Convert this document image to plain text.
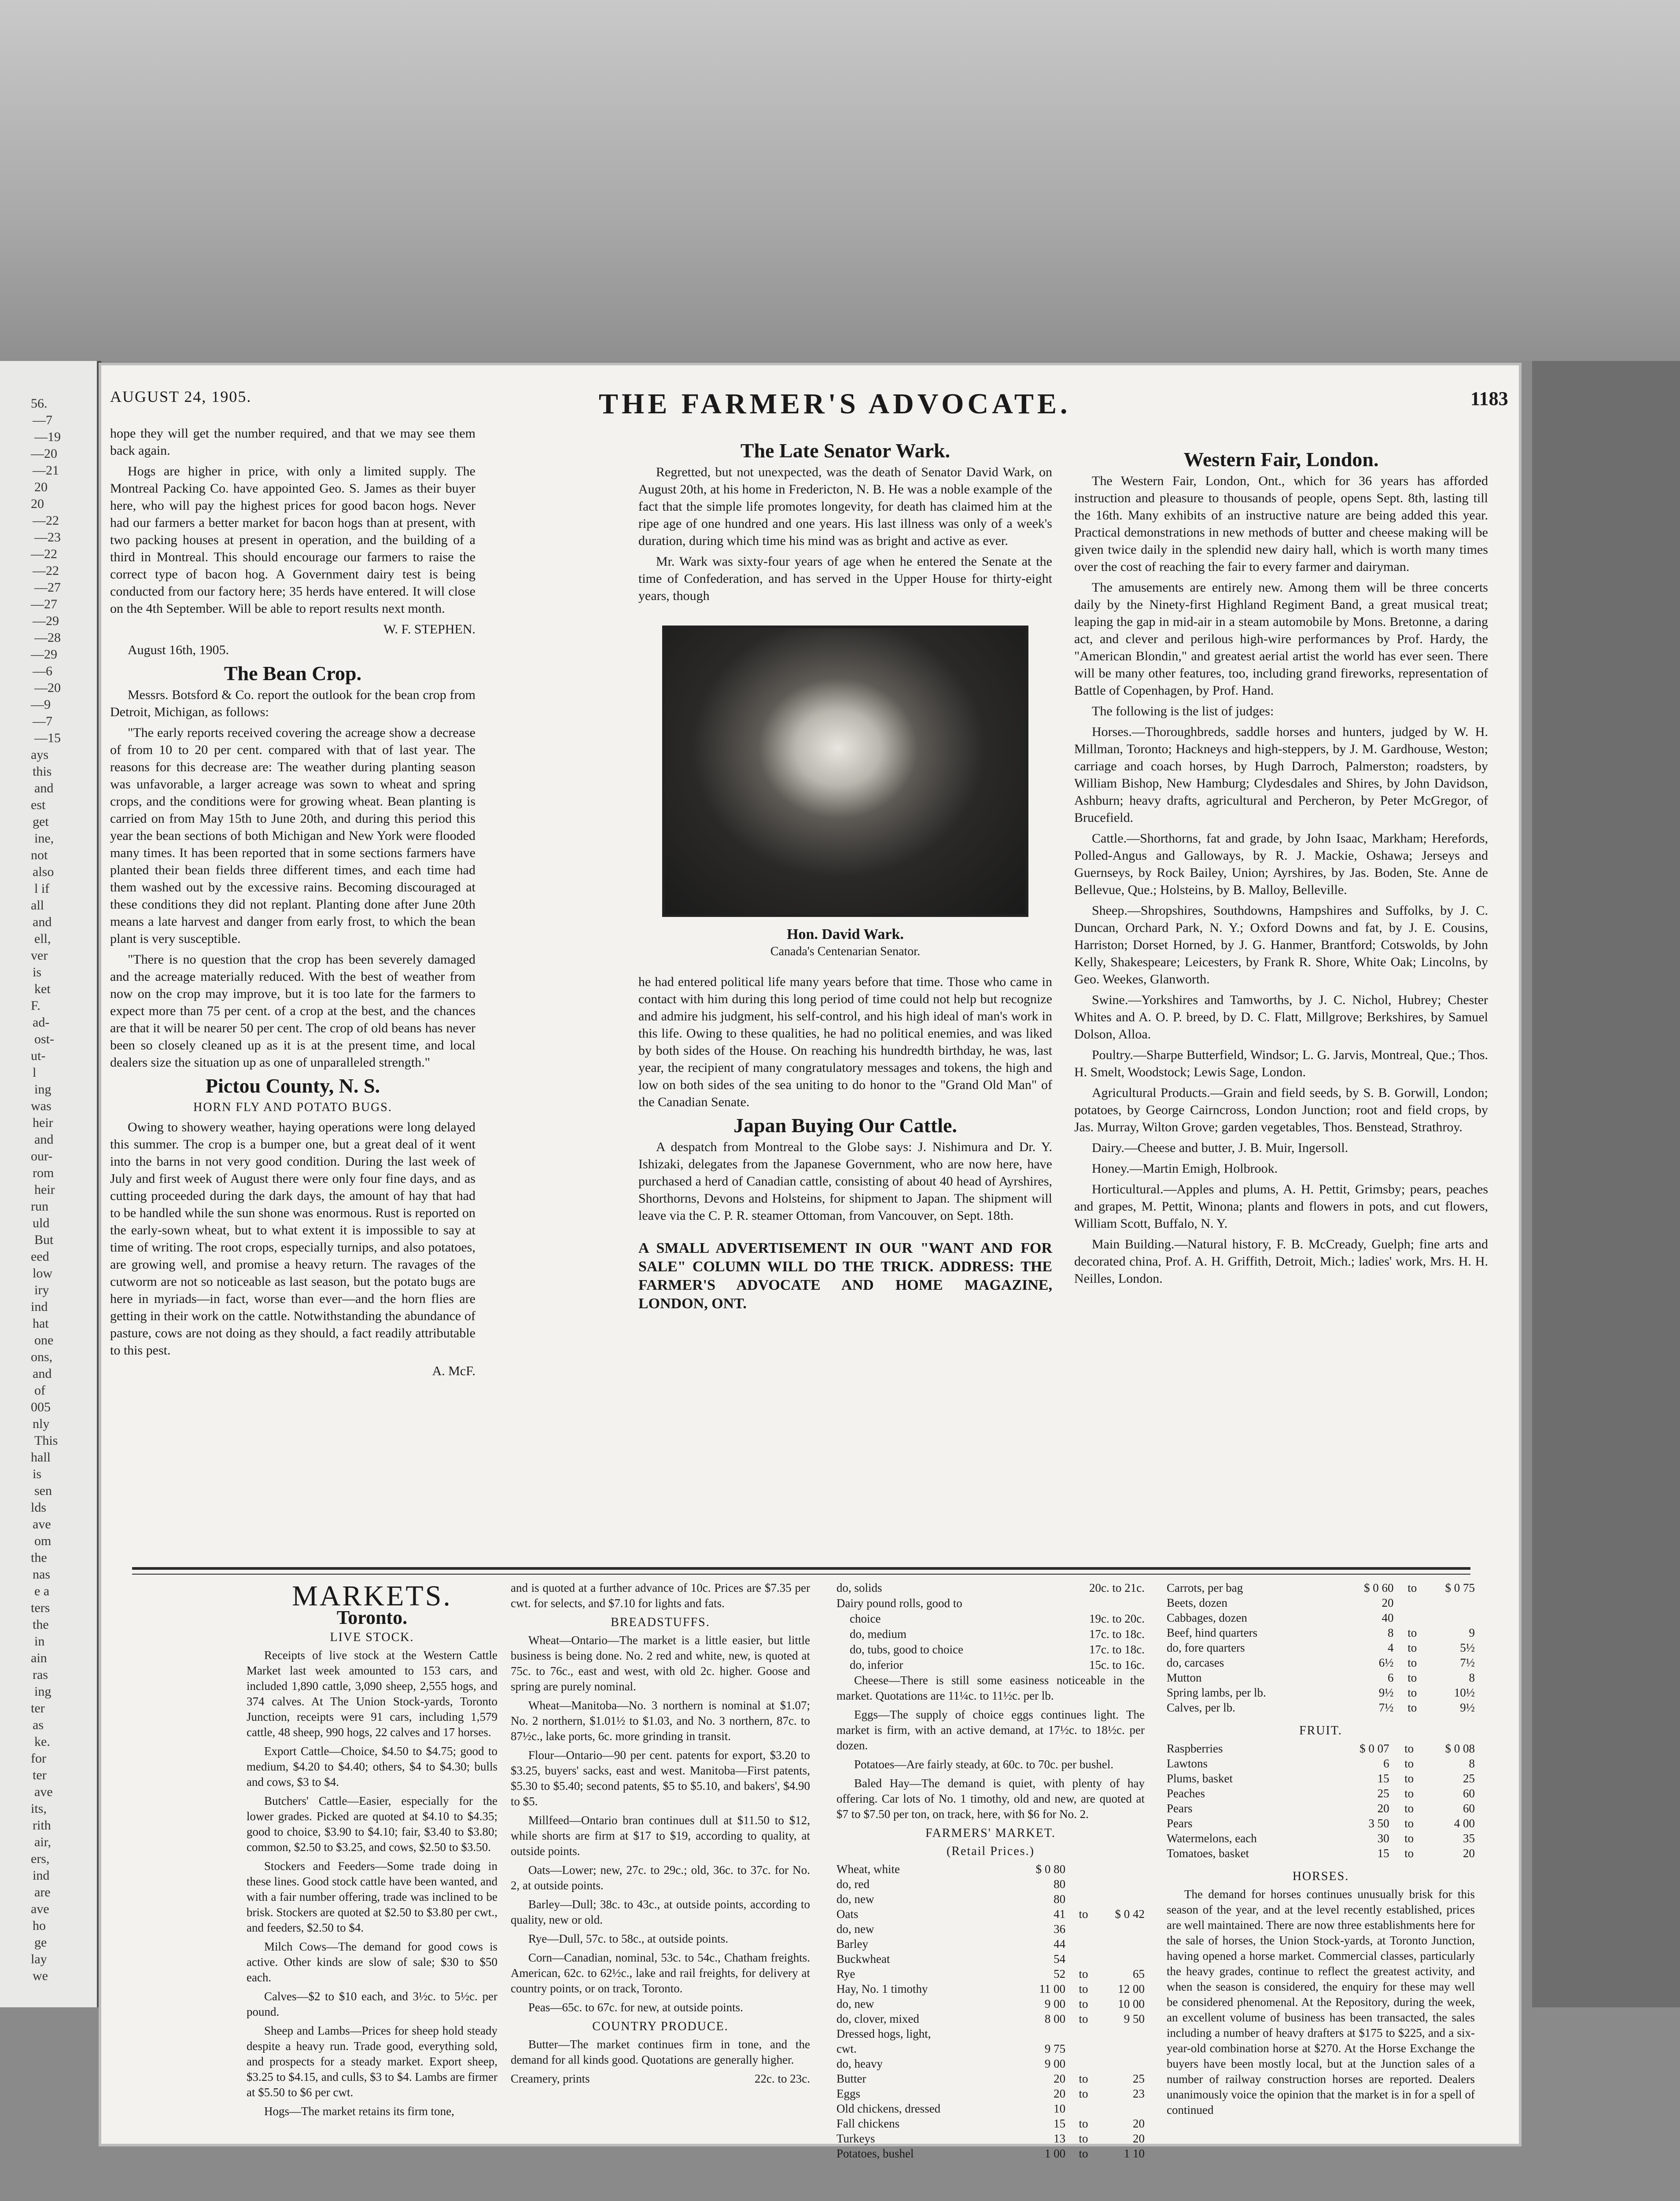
56.
—7
—19
—20
—21
20
20
—22
—23
—22
—22
—27
—27
—29
—28
—29
—6
—20
—9
—7
—15
ays
this
and
est
get
ine,
not
also
l if
all
and
ell,
ver
is
ket
F.
ad-
ost-
ut-
l
ing
was
heir
and
our-
rom
heir
run
uld
But
eed
low
iry
ind
hat
one
ons,
and
of
005
nly
This
hall
is
sen
lds
ave
om
the
nas
e a
ters
the
in
ain
ras
ing
ter
as
ke.
for
ter
ave
its,
rith
air,
ers,
ind
are
ave
ho
ge
lay
we
AUGUST 24, 1905.	THE FARMER'S ADVOCATE.	1183

hope they will get the number required, and that we may see them back again.

Hogs are higher in price, with only a limited supply. The Montreal Packing Co. have appointed Geo. S. James as their buyer here, who will pay the highest prices for good bacon hogs. Never had our farmers a better market for bacon hogs than at present, with two packing houses at present in operation, and the building of a third in Montreal. This should encourage our farmers to raise the correct type of bacon hog. A Government dairy test is being conducted from our factory here; 35 herds have entered. It will close on the 4th September. Will be able to report results next month.

W. F. STEPHEN.

August 16th, 1905.

The Bean Crop.

Messrs. Botsford & Co. report the outlook for the bean crop from Detroit, Michigan, as follows:

"The early reports received covering the acreage show a decrease of from 10 to 20 per cent. compared with that of last year. The reasons for this decrease are: The weather during planting season was unfavorable, a larger acreage was sown to wheat and spring crops, and the conditions were for growing wheat. Bean planting is carried on from May 15th to June 20th, and during this period this year the bean sections of both Michigan and New York were flooded many times. It has been reported that in some sections farmers have planted their bean fields three different times, and each time had them washed out by the excessive rains. Becoming discouraged at these conditions they did not replant. Planting done after June 20th means a late harvest and danger from early frost, to which the bean plant is very susceptible.

"There is no question that the crop has been severely damaged and the acreage materially reduced. With the best of weather from now on the crop may improve, but it is too late for the farmers to expect more than 75 per cent. of a crop at the best, and the chances are that it will be nearer 50 per cent. The crop of old beans has never been so closely cleaned up as it is at the present time, and local dealers size the situation up as one of unparalleled strength."

Pictou County, N. S.
HORN FLY AND POTATO BUGS.

Owing to showery weather, haying operations were long delayed this summer. The crop is a bumper one, but a great deal of it went into the barns in not very good condition. During the last week of July and first week of August there were only four fine days, and as cutting proceeded during the dark days, the amount of hay that had to be handled while the sun shone was enormous. Rust is reported on the early-sown wheat, but to what extent it is impossible to say at time of writing. The root crops, especially turnips, and also potatoes, are growing well, and promise a heavy return. The ravages of the cutworm are not so noticeable as last season, but the potato bugs are here in myriads—in fact, worse than ever—and the horn flies are getting in their work on the cattle. Notwithstanding the abundance of pasture, cows are not doing as they should, a fact readily attributable to this pest.

A. McF.

The Late Senator Wark.

Regretted, but not unexpected, was the death of Senator David Wark, on August 20th, at his home in Fredericton, N. B. He was a noble example of the fact that the simple life promotes longevity, for death has claimed him at the ripe age of one hundred and one years. His last illness was only of a week's duration, during which time his mind was as bright and active as ever.

Mr. Wark was sixty-four years of age when he entered the Senate at the time of Confederation, and has served in the Upper House for thirty-eight years, though

Hon. David Wark.
Canada's Centenarian Senator.

he had entered political life many years before that time. Those who came in contact with him during this long period of time could not help but recognize and admire his judgment, his self-control, and his high ideal of man's work in this life. Owing to these qualities, he had no political enemies, and was liked by both sides of the House. On reaching his hundredth birthday, he was, last year, the recipient of many congratulatory messages and tokens, the high and low on both sides of the sea uniting to do honor to the "Grand Old Man" of the Canadian Senate.

Japan Buying Our Cattle.

A despatch from Montreal to the Globe says: J. Nishimura and Dr. Y. Ishizaki, delegates from the Japanese Government, who are now here, have purchased a herd of Canadian cattle, consisting of about 40 head of Ayrshires, Shorthorns, Devons and Holsteins, for shipment to Japan. The shipment will leave via the C. P. R. steamer Ottoman, from Vancouver, on Sept. 18th.

A SMALL ADVERTISEMENT IN OUR "WANT AND FOR SALE" COLUMN WILL DO THE TRICK. ADDRESS: THE FARMER'S ADVOCATE AND HOME MAGAZINE, LONDON, ONT.

Western Fair, London.

The Western Fair, London, Ont., which for 36 years has afforded instruction and pleasure to thousands of people, opens Sept. 8th, lasting till the 16th. Many exhibits of an instructive nature are being added this year. Practical demonstrations in new methods of butter and cheese making will be given twice daily in the splendid new dairy hall, which is worth many times over the cost of reaching the fair to every farmer and dairyman.

The amusements are entirely new. Among them will be three concerts daily by the Ninety-first Highland Regiment Band, a great musical treat; leaping the gap in mid-air in a steam automobile by Mons. Bretonne, a daring act, and clever and perilous high-wire performances by Prof. Hardy, the "American Blondin," and greatest aerial artist the world has ever seen. There will be many other features, too, including grand fireworks, representation of Battle of Copenhagen, by Prof. Hand.

The following is the list of judges:

Horses.—Thoroughbreds, saddle horses and hunters, judged by W. H. Millman, Toronto; Hackneys and high-steppers, by J. M. Gardhouse, Weston; carriage and coach horses, by Hugh Darroch, Palmerston; roadsters, by William Bishop, New Hamburg; Clydesdales and Shires, by John Davidson, Ashburn; heavy drafts, agricultural and Percheron, by Peter McGregor, of Brucefield.

Cattle.—Shorthorns, fat and grade, by John Isaac, Markham; Herefords, Polled-Angus and Galloways, by R. J. Mackie, Oshawa; Jerseys and Guernseys, by Rock Bailey, Union; Ayrshires, by Jas. Boden, Ste. Anne de Bellevue, Que.; Holsteins, by B. Malloy, Belleville.

Sheep.—Shropshires, Southdowns, Hampshires and Suffolks, by J. C. Duncan, Orchard Park, N. Y.; Oxford Downs and fat, by J. E. Cousins, Harriston; Dorset Horned, by J. G. Hanmer, Brantford; Cotswolds, by John Kelly, Shakespeare; Leicesters, by Frank R. Shore, White Oak; Lincolns, by Geo. Weekes, Glanworth.

Swine.—Yorkshires and Tamworths, by J. C. Nichol, Hubrey; Chester Whites and A. O. P. breed, by D. C. Flatt, Millgrove; Berkshires, by Samuel Dolson, Alloa.

Poultry.—Sharpe Butterfield, Windsor; L. G. Jarvis, Montreal, Que.; Thos. H. Smelt, Woodstock; Lewis Sage, London.

Agricultural Products.—Grain and field seeds, by S. B. Gorwill, London; potatoes, by George Cairncross, London Junction; root and field crops, by Jas. Murray, Wilton Grove; garden vegetables, Thos. Benstead, Strathroy.

Dairy.—Cheese and butter, J. B. Muir, Ingersoll.

Honey.—Martin Emigh, Holbrook.

Horticultural.—Apples and plums, A. H. Pettit, Grimsby; pears, peaches and grapes, M. Pettit, Winona; plants and flowers in pots, and cut flowers, William Scott, Buffalo, N. Y.

Main Building.—Natural history, F. B. McCready, Guelph; fine arts and decorated china, Prof. A. H. Griffith, Detroit, Mich.; ladies' work, Mrs. H. H. Neilles, London.

MARKETS.
Toronto.
LIVE STOCK.

Receipts of live stock at the Western Cattle Market last week amounted to 153 cars, and included 1,890 cattle, 3,090 sheep, 2,555 hogs, and 374 calves. At The Union Stock-yards, Toronto Junction, receipts were 91 cars, including 1,579 cattle, 48 sheep, 990 hogs, 22 calves and 17 horses.

Export Cattle—Choice, $4.50 to $4.75; good to medium, $4.20 to $4.40; others, $4 to $4.30; bulls and cows, $3 to $4.

Butchers' Cattle—Easier, especially for the lower grades. Picked are quoted at $4.10 to $4.35; good to choice, $3.90 to $4.10; fair, $3.40 to $3.80; common, $2.50 to $3.25, and cows, $2.50 to $3.50.

Stockers and Feeders—Some trade doing in these lines. Good stock cattle have been wanted, and with a fair number offering, trade was inclined to be brisk. Stockers are quoted at $2.50 to $3.80 per cwt., and feeders, $2.50 to $4.

Milch Cows—The demand for good cows is active. Other kinds are slow of sale; $30 to $50 each.

Calves—$2 to $10 each, and 3½c. to 5½c. per pound.

Sheep and Lambs—Prices for sheep hold steady despite a heavy run. Trade good, everything sold, and prospects for a steady market. Export sheep, $3.25 to $4.15, and culls, $3 to $4. Lambs are firmer at $5.50 to $6 per cwt.

Hogs—The market retains its firm tone,

and is quoted at a further advance of 10c. Prices are $7.35 per cwt. for selects, and $7.10 for lights and fats.

BREADSTUFFS.

Wheat—Ontario—The market is a little easier, but little business is being done. No. 2 red and white, new, is quoted at 75c. to 76c., east and west, with old 2c. higher. Goose and spring are purely nominal.

Wheat—Manitoba—No. 3 northern is nominal at $1.07; No. 2 northern, $1.01½ to $1.03, and No. 3 northern, 87c. to 87½c., lake ports, 6c. more grinding in transit.

Flour—Ontario—90 per cent. patents for export, $3.20 to $3.25, buyers' sacks, east and west. Manitoba—First patents, $5.30 to $5.40; second patents, $5 to $5.10, and bakers', $4.90 to $5.

Millfeed—Ontario bran continues dull at $11.50 to $12, while shorts are firm at $17 to $19, according to quality, at outside points.

Oats—Lower; new, 27c. to 29c.; old, 36c. to 37c. for No. 2, at outside points.

Barley—Dull; 38c. to 43c., at outside points, according to quality, new or old.

Rye—Dull, 57c. to 58c., at outside points.

Corn—Canadian, nominal, 53c. to 54c., Chatham freights. American, 62c. to 62½c., lake and rail freights, for delivery at country points, or on track, Toronto.

Peas—65c. to 67c. for new, at outside points.

COUNTRY PRODUCE.

Butter—The market continues firm in tone, and the demand for all kinds good. Quotations are generally higher.

Creamery, prints	22c. to 23c.
do, solids	20c. to 21c.
Dairy pound rolls, good to	
choice	19c. to 20c.
do, medium	17c. to 18c.
do, tubs, good to choice	17c. to 18c.
do, inferior	15c. to 16c.

Cheese—There is still some easiness noticeable in the market. Quotations are 11¼c. to 11½c. per lb.

Eggs—The supply of choice eggs continues light. The market is firm, with an active demand, at 17½c. to 18½c. per dozen.

Potatoes—Are fairly steady, at 60c. to 70c. per bushel.

Baled Hay—The demand is quiet, with plenty of hay offering. Car lots of No. 1 timothy, old and new, are quoted at $7 to $7.50 per ton, on track, here, with $6 for No. 2.

FARMERS' MARKET.
(Retail Prices.)
Wheat, white	$ 0 80		
do, red	80		
do, new	80		
Oats	41	to	$ 0 42
do, new	36		
Barley	44		
Buckwheat	54		
Rye	52	to	65
Hay, No. 1 timothy	11 00	to	12 00
do, new	9 00	to	10 00
do, clover, mixed	8 00	to	9 50
Dressed hogs, light,			
cwt.	9 75		
do, heavy	9 00		
Butter	20	to	25
Eggs	20	to	23
Old chickens, dressed	10		
Fall chickens	15	to	20
Turkeys	13	to	20
Potatoes, bushel	1 00	to	1 10
Carrots, per bag	$ 0 60	to	$ 0 75
Beets, dozen	20		
Cabbages, dozen	40		
Beef, hind quarters	8	to	9
do, fore quarters	4	to	5½
do, carcases	6½	to	7½
Mutton	6	to	8
Spring lambs, per lb.	9½	to	10½
Calves, per lb.	7½	to	9½
FRUIT.
Raspberries	$ 0 07	to	$ 0 08
Lawtons	6	to	8
Plums, basket	15	to	25
Peaches	25	to	60
Pears	20	to	60
Pears	3 50	to	4 00
Watermelons, each	30	to	35
Tomatoes, basket	15	to	20
HORSES.

The demand for horses continues unusually brisk for this season of the year, and at the level recently established, prices are well maintained. There are now three establishments here for the sale of horses, the Union Stock-yards, at Toronto Junction, having opened a horse market. Commercial classes, particularly the heavy grades, continue to reflect the greatest activity, and when the season is considered, the enquiry for these may well be considered phenomenal. At the Repository, during the week, an excellent volume of business has been transacted, the sales including a number of heavy drafters at $175 to $225, and a six-year-old combination horse at $270. At the Horse Exchange the buyers have been mostly local, but at the Junction sales of a number of railway construction horses are reported. Dealers unanimously voice the opinion that the market is in for a spell of continued
